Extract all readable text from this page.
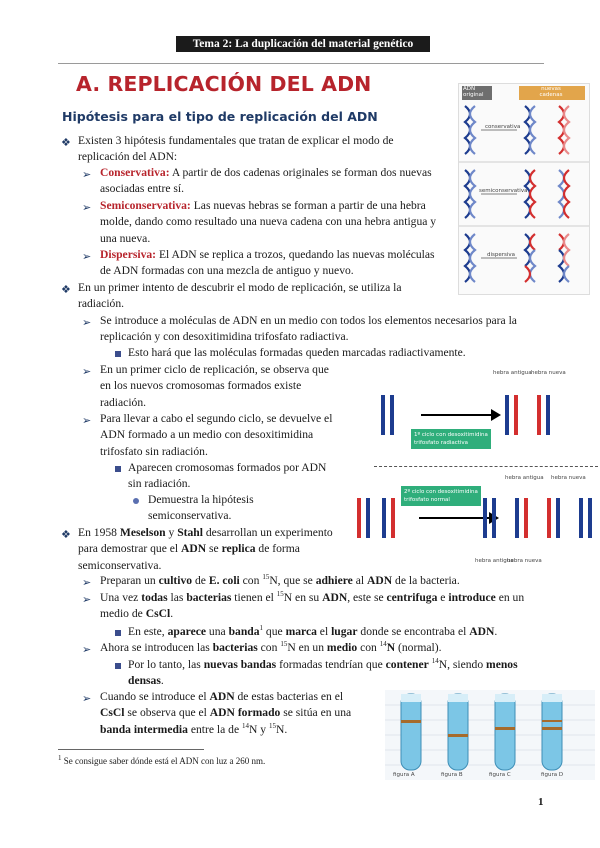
Tema 2: La duplicación del material genético
A. REPLICACIÓN DEL ADN
Hipótesis para el tipo de replicación del ADN
❖ Existen 3 hipótesis fundamentales que tratan de explicar el modo de
replicación del ADN:
➢ Conservativa: A partir de dos cadenas originales se forman dos nuevas
asociadas entre sí.
➢ Semiconservativa: Las nuevas hebras se forman a partir de una hebra
molde, dando como resultado una nueva cadena con una hebra antigua y
una nueva.
➢ Dispersiva: El ADN se replica a trozos, quedando las nuevas moléculas
de ADN formadas con una mezcla de antiguo y nuevo.
❖ En un primer intento de descubrir el modo de replicación, se utiliza la
radiación.
➢ Se introduce a moléculas de ADN en un medio con todos los elementos necesarios para la
replicación y con desoxitimidina trifosfato radiactiva.
Esto hará que las moléculas formadas queden marcadas radiactivamente.
➢ En un primer ciclo de replicación, se observa que
en los nuevos cromosomas formados existe
radiación.
➢ Para llevar a cabo el segundo ciclo, se devuelve el
ADN formado a un medio con desoxitimidina
trifosfato sin radiación.
Aparecen cromosomas formados por ADN
sin radiación.
Demuestra la hipótesis
semiconservativa.
❖ En 1958 Meselson y Stahl desarrollan un experimento
para demostrar que el ADN se replica de forma
semiconservativa.
➢ Preparan un cultivo de E. coli con $^{15}$N, que se adhiere al ADN de la bacteria.
➢ Una vez todas las bacterias tienen el $^{15}$N en su ADN, este se centrifuga e introduce en un
medio de CsCl.
En este, aparece una banda$^1$ que marca el lugar donde se encontraba el ADN.
➢ Ahora se introducen las bacterias con $^{15}$N en un medio con $^{14}$N (normal).
Por lo tanto, las nuevas bandas formadas tendrían que contener $^{14}$N, siendo menos
densas.
➢ Cuando se introduce el ADN de estas bacterias en el
CsCl se observa que el ADN formado se sitúa en una
banda intermedia entre la de $^{14}$N y $^{15}$N.
$^1$ Se consigue saber dónde está el ADN con luz a 260 nm.
1
ADN original
nuevas cadenas
conservativa
semiconservativa
dispersiva
hebra antigua hebra nueva
1º ciclo con desoxitimidina
trifosfato radiactiva
2º ciclo con desoxitimidina
trifosfato normal
hebra antigua hebra nueva
hebra antigua
hebra nueva
figura A	figura B	figura C	figura D
